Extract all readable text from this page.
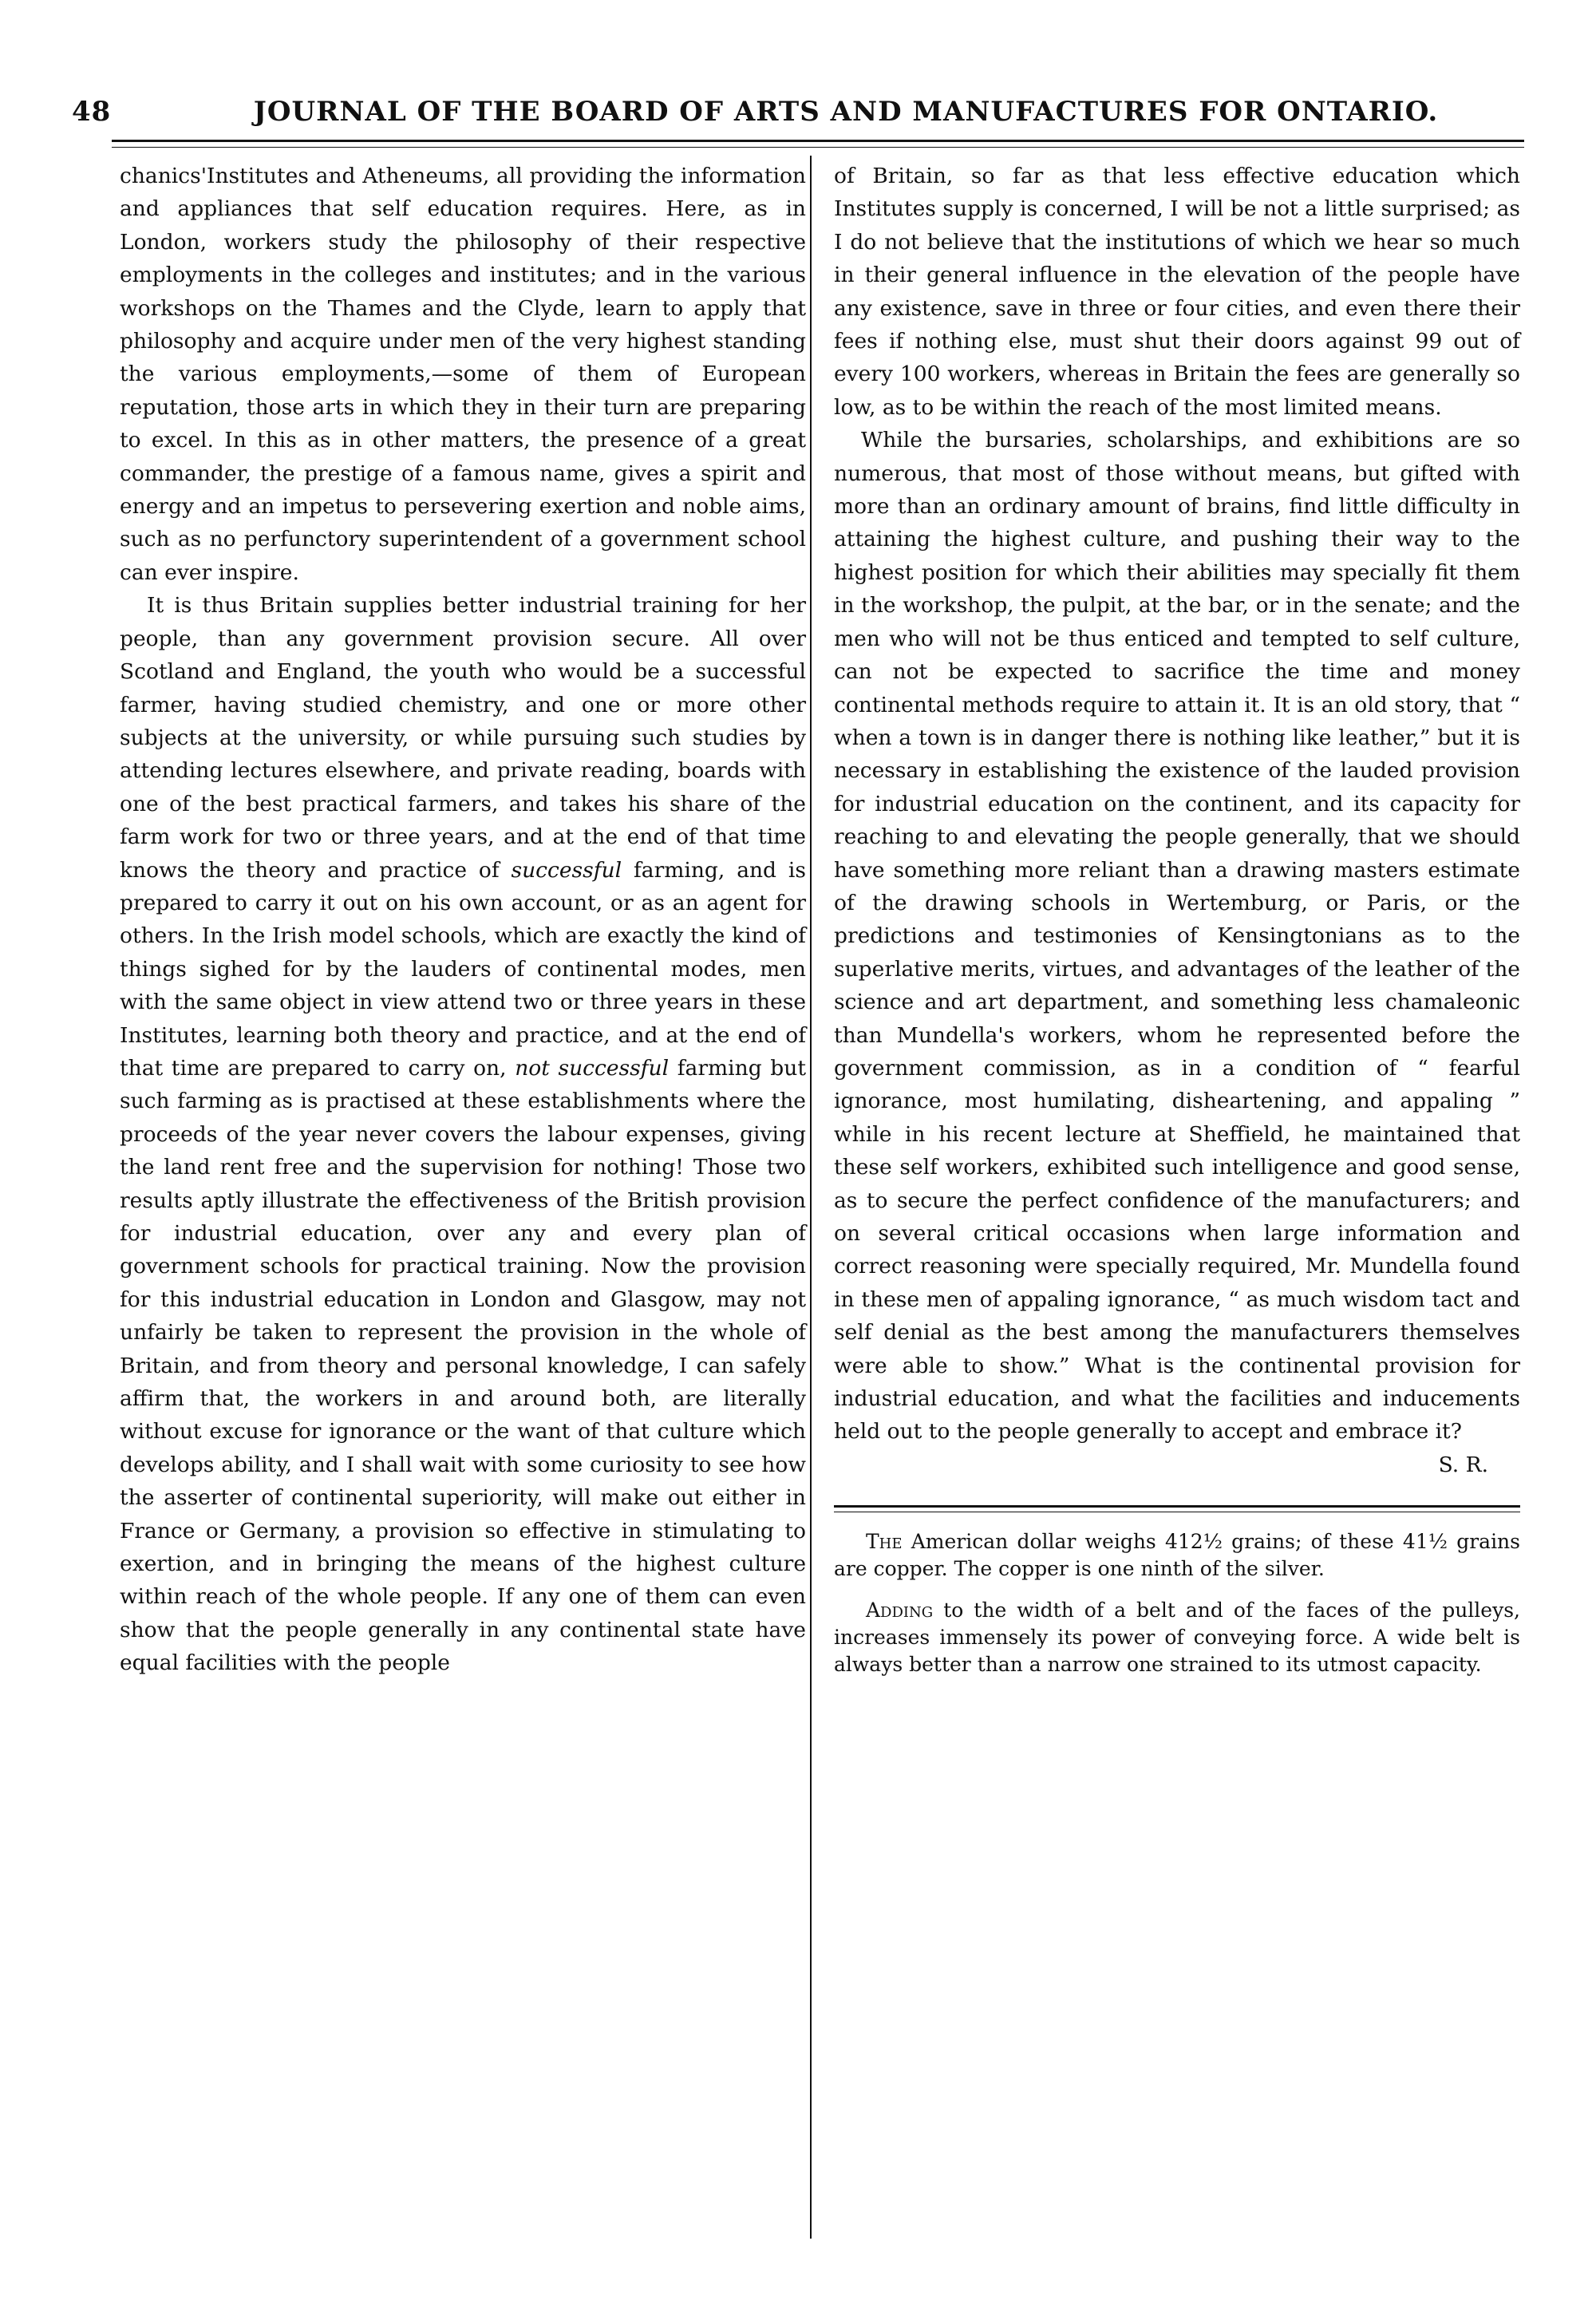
48	JOURNAL OF THE BOARD OF ARTS AND MANUFACTURES FOR ONTARIO.

chanics'Institutes and Atheneums, all providing the information and appliances that self education requires. Here, as in London, workers study the philosophy of their respective employments in the colleges and institutes; and in the various workshops on the Thames and the Clyde, learn to apply that philosophy and acquire under men of the very highest standing the various employments,—some of them of European reputation, those arts in which they in their turn are preparing to excel. In this as in other matters, the presence of a great commander, the prestige of a famous name, gives a spirit and energy and an impetus to persevering exertion and noble aims, such as no perfunctory superintendent of a government school can ever inspire.

It is thus Britain supplies better industrial training for her people, than any government provision secure. All over Scotland and England, the youth who would be a successful farmer, having studied chemistry, and one or more other subjects at the university, or while pursuing such studies by attending lectures elsewhere, and private reading, boards with one of the best practical farmers, and takes his share of the farm work for two or three years, and at the end of that time knows the theory and practice of successful farming, and is prepared to carry it out on his own account, or as an agent for others. In the Irish model schools, which are exactly the kind of things sighed for by the lauders of continental modes, men with the same object in view attend two or three years in these Institutes, learning both theory and practice, and at the end of that time are prepared to carry on, not successful farming but such farming as is practised at these establishments where the proceeds of the year never covers the labour expenses, giving the land rent free and the supervision for nothing! Those two results aptly illustrate the effectiveness of the British provision for industrial education, over any and every plan of government schools for practical training. Now the provision for this industrial education in London and Glasgow, may not unfairly be taken to represent the provision in the whole of Britain, and from theory and personal knowledge, I can safely affirm that, the workers in and around both, are literally without excuse for ignorance or the want of that culture which develops ability, and I shall wait with some curiosity to see how the asserter of continental superiority, will make out either in France or Germany, a provision so effective in stimulating to exertion, and in bringing the means of the highest culture within reach of the whole people. If any one of them can even show that the people generally in any continental state have equal facilities with the people

of Britain, so far as that less effective education which Institutes supply is concerned, I will be not a little surprised; as I do not believe that the institutions of which we hear so much in their general influence in the elevation of the people have any existence, save in three or four cities, and even there their fees if nothing else, must shut their doors against 99 out of every 100 workers, whereas in Britain the fees are generally so low, as to be within the reach of the most limited means.

While the bursaries, scholarships, and exhibitions are so numerous, that most of those without means, but gifted with more than an ordinary amount of brains, find little difficulty in attaining the highest culture, and pushing their way to the highest position for which their abilities may specially fit them in the workshop, the pulpit, at the bar, or in the senate; and the men who will not be thus enticed and tempted to self culture, can not be expected to sacrifice the time and money continental methods require to attain it. It is an old story, that “ when a town is in danger there is nothing like leather,” but it is necessary in establishing the existence of the lauded provision for industrial education on the continent, and its capacity for reaching to and elevating the people generally, that we should have something more reliant than a drawing masters estimate of the drawing schools in Wertemburg, or Paris, or the predictions and testimonies of Kensingtonians as to the superlative merits, virtues, and advantages of the leather of the science and art department, and something less chamaleonic than Mundella's workers, whom he represented before the government commission, as in a condition of “ fearful ignorance, most humilating, disheartening, and appaling ” while in his recent lecture at Sheffield, he maintained that these self workers, exhibited such intelligence and good sense, as to secure the perfect confidence of the manufacturers; and on several critical occasions when large information and correct reasoning were specially required, Mr. Mundella found in these men of appaling ignorance, “ as much wisdom tact and self denial as the best among the manufacturers themselves were able to show.” What is the continental provision for industrial education, and what the facilities and inducements held out to the people generally to accept and embrace it?

S. R.

The American dollar weighs 412½ grains; of these 41½ grains are copper. The copper is one ninth of the silver.

Adding to the width of a belt and of the faces of the pulleys, increases immensely its power of conveying force. A wide belt is always better than a narrow one strained to its utmost capacity.
